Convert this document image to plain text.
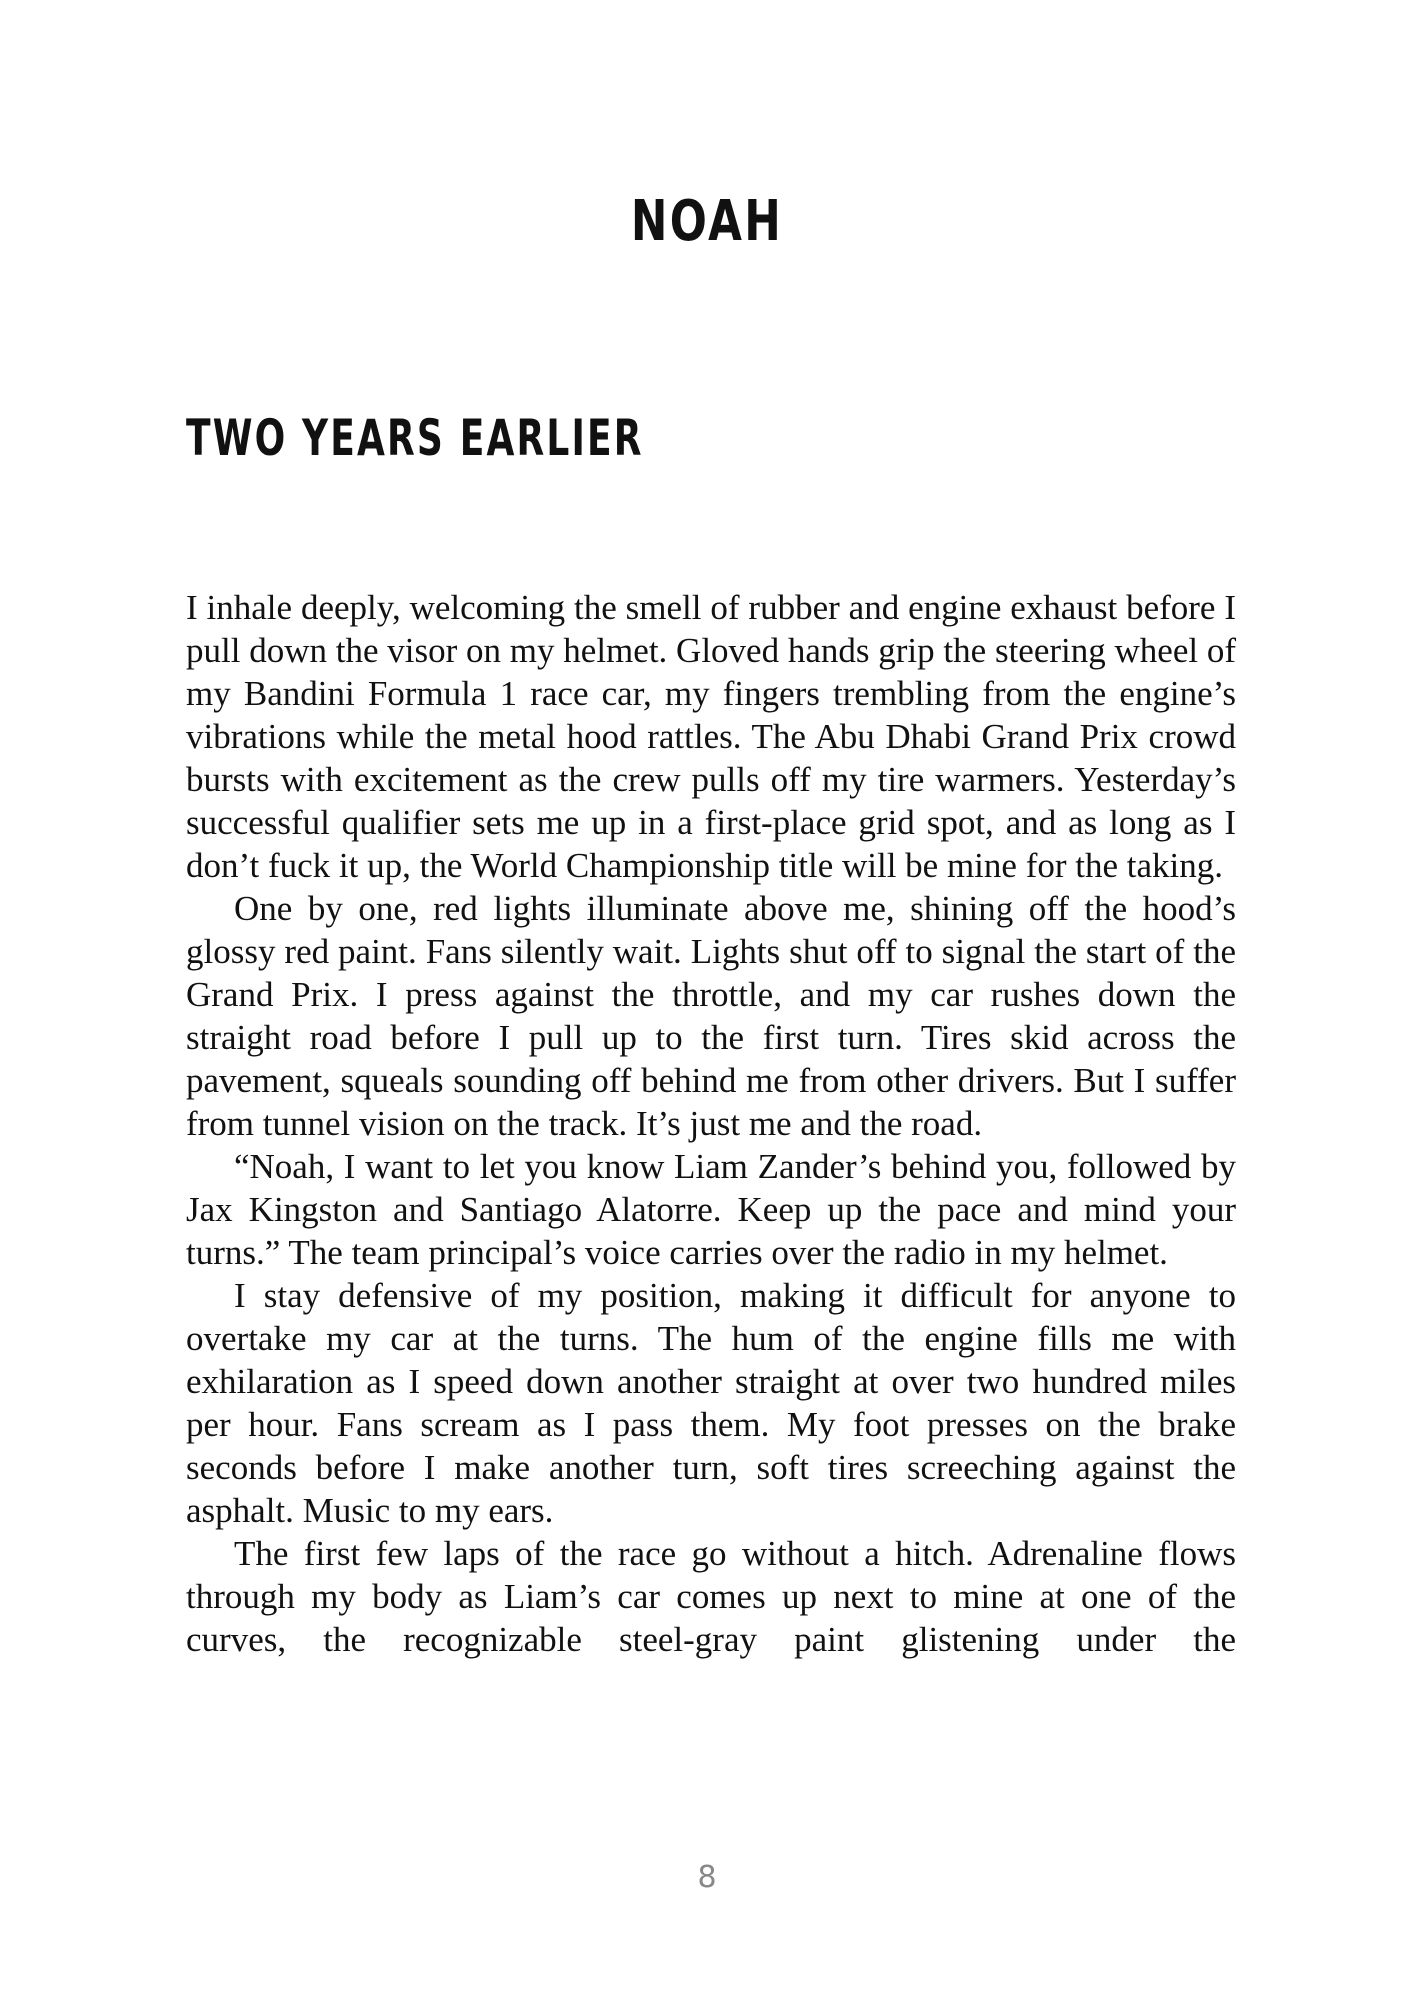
NOAH
TWO YEARS EARLIER

I inhale deeply, welcoming the smell of rubber and engine exhaust before I pull down the visor on my helmet. Gloved hands grip the steering wheel of my Bandini Formula 1 race car, my fingers trembling from the engine’s vibrations while the metal hood rattles. The Abu Dhabi Grand Prix crowd bursts with excitement as the crew pulls off my tire warmers. Yesterday’s successful qualifier sets me up in a first-place grid spot, and as long as I don’t fuck it up, the World Championship title will be mine for the taking.

One by one, red lights illuminate above me, shining off the hood’s glossy red paint. Fans silently wait. Lights shut off to signal the start of the Grand Prix. I press against the throttle, and my car rushes down the straight road before I pull up to the first turn. Tires skid across the pavement, squeals sounding off behind me from other drivers. But I suffer from tunnel vision on the track. It’s just me and the road.

“Noah, I want to let you know Liam Zander’s behind you, followed by Jax Kingston and Santiago Alatorre. Keep up the pace and mind your turns.” The team principal’s voice carries over the radio in my helmet.

I stay defensive of my position, making it difficult for anyone to overtake my car at the turns. The hum of the engine fills me with exhilaration as I speed down another straight at over two hundred miles per hour. Fans scream as I pass them. My foot presses on the brake seconds before I make another turn, soft tires screeching against the asphalt. Music to my ears.

The first few laps of the race go without a hitch. Adrenaline flows through my body as Liam’s car comes up next to mine at one of the curves, the recognizable steel-gray paint glistening under the

8
